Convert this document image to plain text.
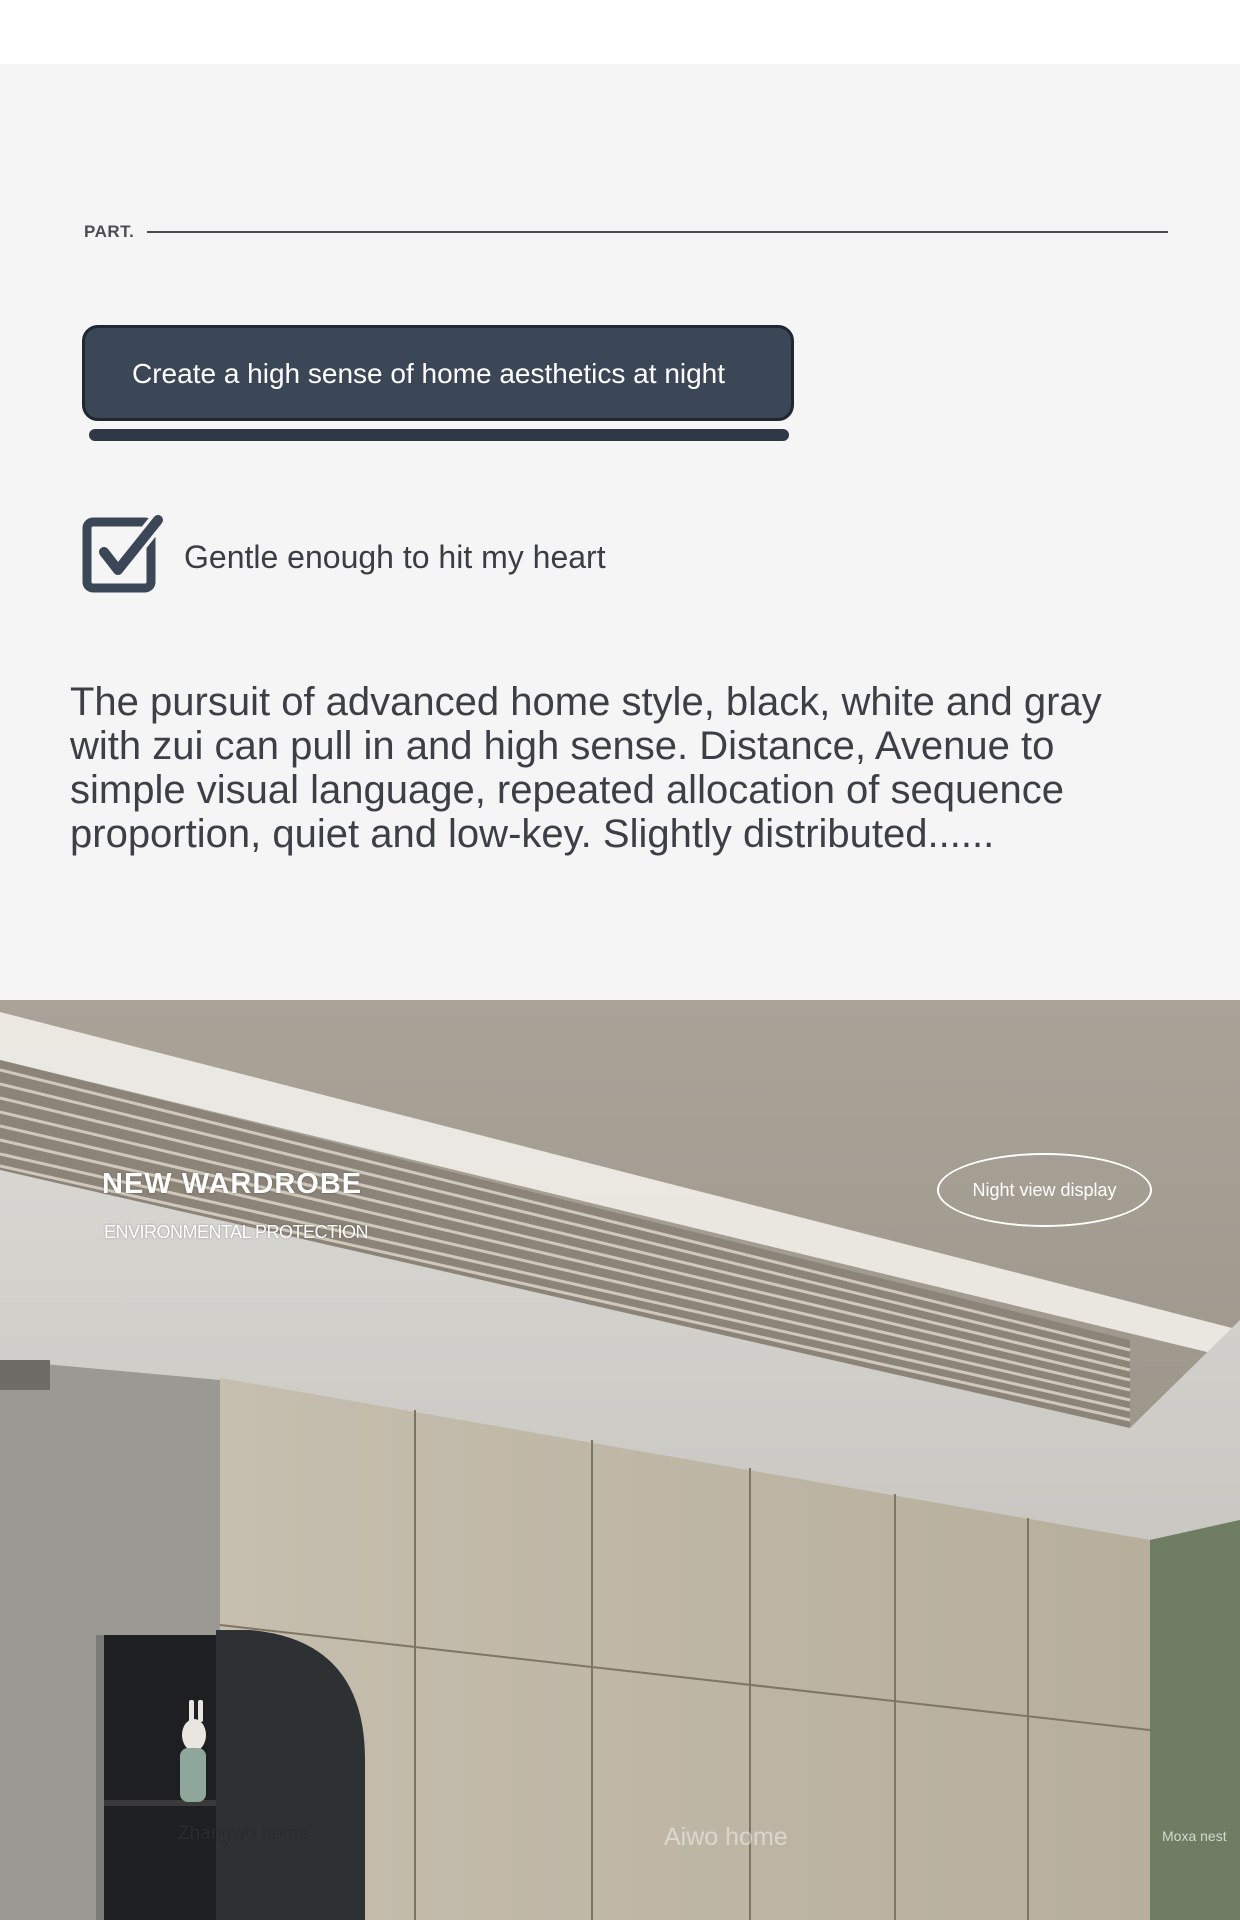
PART.
Create a high sense of home aesthetics at night
Gentle enough to hit my heart

The pursuit of advanced home style, black, white and gray with zui can pull in and high sense. Distance, Avenue to simple visual language, repeated allocation of sequence proportion, quiet and low-key. Slightly distributed......

NEW WARDROBE
ENVIRONMENTAL PROTECTION
Night view display
Zhangwo home	Aiwo home	Moxa nest
